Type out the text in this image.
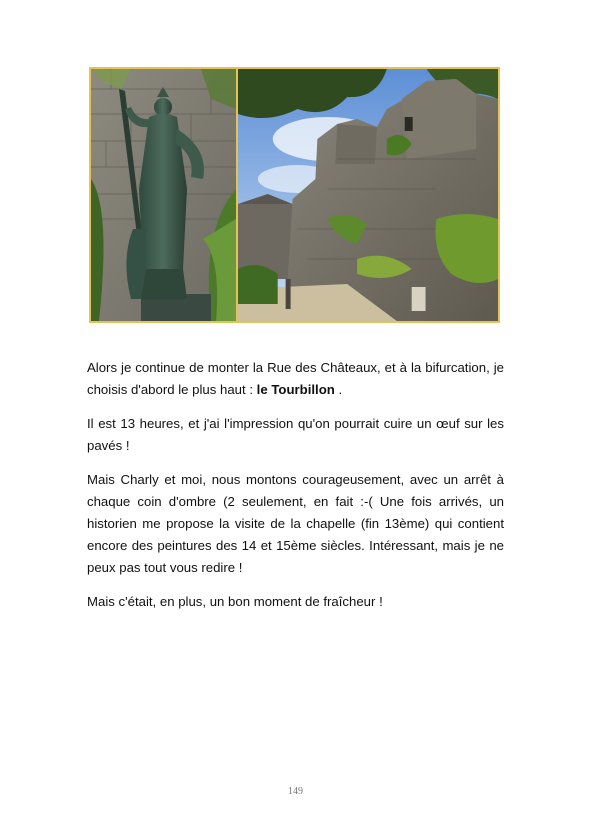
Alors je continue de monter la Rue des Châteaux, et à la bifurcation, je choisis d'abord le plus haut : le Tourbillon .

Il est 13 heures, et j'ai l'impression qu'on pourrait cuire un œuf sur les pavés !

Mais Charly et moi, nous montons courageusement, avec un arrêt à chaque coin d'ombre (2 seulement, en fait :-( Une fois arrivés, un historien me propose la visite de la chapelle (fin 13ème) qui contient encore des peintures des 14 et 15ème siècles. Intéressant, mais je ne peux pas tout vous redire !

Mais c'était, en plus, un bon moment de fraîcheur !

149
